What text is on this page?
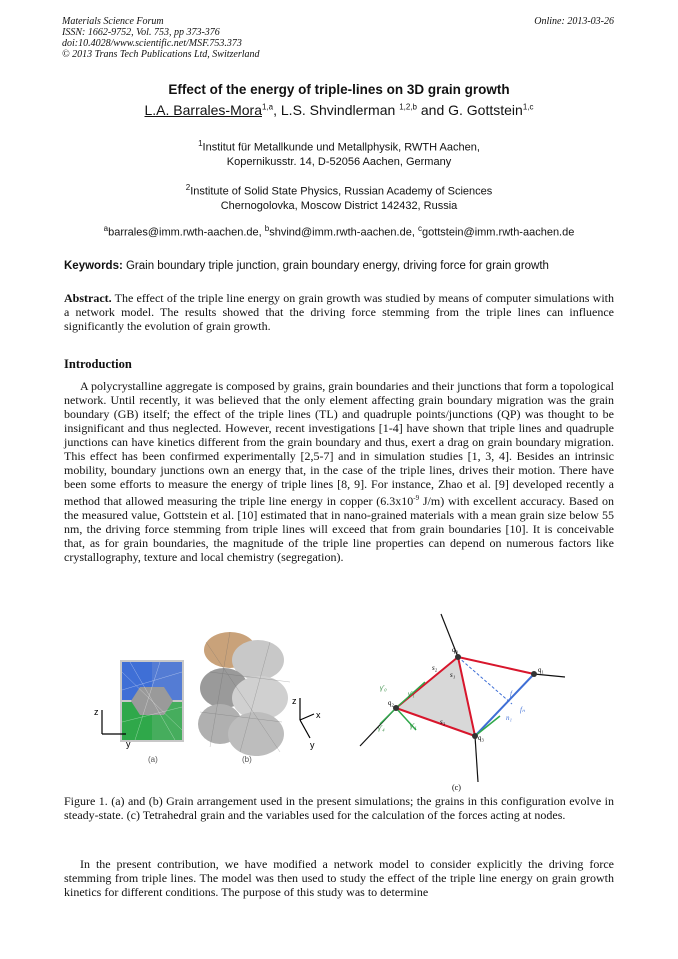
Materials Science Forum
ISSN: 1662-9752, Vol. 753, pp 373-376
doi:10.4028/www.scientific.net/MSF.753.373
© 2013 Trans Tech Publications Ltd, Switzerland
Online: 2013-03-26
Effect of the energy of triple-lines on 3D grain growth
L.A. Barrales-Mora$^{1,a}$, L.S. Shvindlerman $^{1,2,b}$ and G. Gottstein$^{1,c}$
$^1$Institut für Metallkunde und Metallphysik, RWTH Aachen,
Kopernikusstr. 14, D-52056 Aachen, Germany
$^2$Institute of Solid State Physics, Russian Academy of Sciences
Chernogolovka, Moscow District 142432, Russia
$^a$barrales@imm.rwth-aachen.de, $^b$shvind@imm.rwth-aachen.de, $^c$gottstein@imm.rwth-aachen.de
Keywords: Grain boundary triple junction, grain boundary energy, driving force for grain growth
Abstract. The effect of the triple line energy on grain growth was studied by means of computer simulations with a network model. The results showed that the driving force stemming from the triple lines can influence significantly the evolution of grain growth.
Introduction

A polycrystalline aggregate is composed by grains, grain boundaries and their junctions that form a topological network. Until recently, it was believed that the only element affecting grain boundary migration was the grain boundary (GB) itself; the effect of the triple lines (TL) and quadruple points/junctions (QP) was thought to be insignificant and thus neglected. However, recent investigations [1-4] have shown that triple lines and quadruple junctions can have kinetics different from the grain boundary and thus, exert a drag on grain boundary migration. This effect has been confirmed experimentally [2,5-7] and in simulation studies [1, 3, 4]. Besides an intrinsic mobility, boundary junctions own an energy that, in the case of the triple lines, drives their motion. There have been some efforts to measure the energy of triple lines [8, 9]. For instance, Zhao et al. [9] developed recently a method that allowed measuring the triple line energy in copper ($6.3x10^{-9}$ J/m) with excellent accuracy. Based on the measured value, Gottstein et al. [10] estimated that in nano-grained materials with a mean grain size below 55 nm, the driving force stemming from triple lines will exceed that from grain boundaries [10]. It is conceivable that, as for grain boundaries, the magnitude of the triple line properties can depend on numerous factors like crystallography, texture and local chemistry (segregation).

z
y
(a)
z
x
y
(b)
q₀
q₁
q₂
q₃
s₁
s₂
s₃
γ'₁
γ'₀
γ'₄	γ'₁
f
fₙ
n₁
(c)
Figure 1. (a) and (b) Grain arrangement used in the present simulations; the grains in this configuration evolve in steady-state. (c) Tetrahedral grain and the variables used for the calculation of the forces acting at nodes.

In the present contribution, we have modified a network model to consider explicitly the driving force stemming from triple lines. The model was then used to study the effect of the triple line energy on grain growth kinetics for different conditions. The purpose of this study was to determine
